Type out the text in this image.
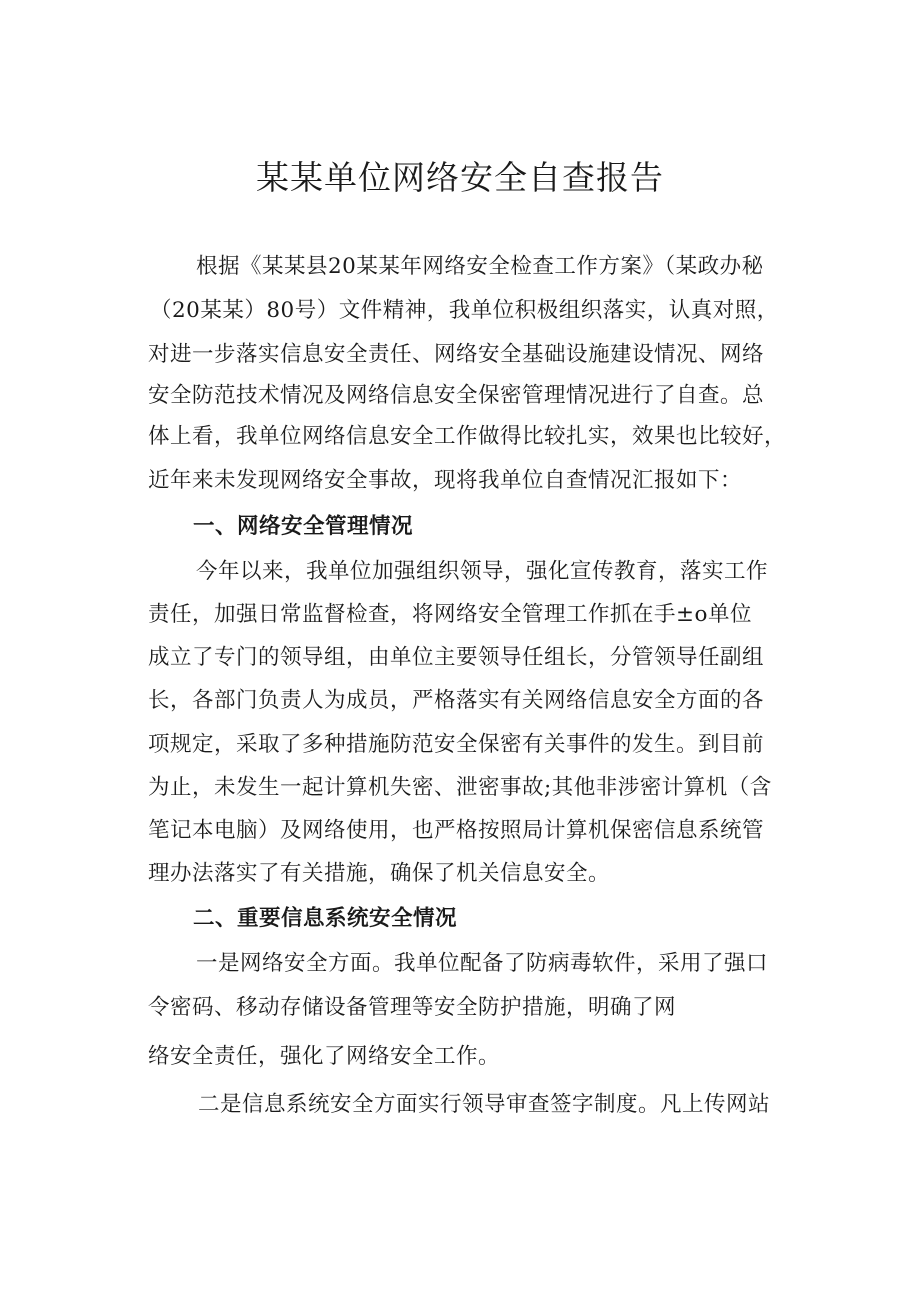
某某单位网络安全自查报告
根据《某某县20某某年网络安全检查工作方案》（某政办秘
（20某某）80号）文件精神，我单位积极组织落实，认真对照，
对进一步落实信息安全责任、网络安全基础设施建设情况、网络
安全防范技术情况及网络信息安全保密管理情况进行了自查。总
体上看，我单位网络信息安全工作做得比较扎实，效果也比较好，
近年来未发现网络安全事故，现将我单位自查情况汇报如下：
一、网络安全管理情况
今年以来，我单位加强组织领导，强化宣传教育，落实工作
责任，加强日常监督检查，将网络安全管理工作抓在手±o单位
成立了专门的领导组，由单位主要领导任组长，分管领导任副组
长，各部门负责人为成员，严格落实有关网络信息安全方面的各
项规定，采取了多种措施防范安全保密有关事件的发生。到目前
为止，未发生一起计算机失密、泄密事故;其他非涉密计算机（含
笔记本电脑）及网络使用，也严格按照局计算机保密信息系统管
理办法落实了有关措施，确保了机关信息安全。
二、重要信息系统安全情况
一是网络安全方面。我单位配备了防病毒软件，采用了强口
令密码、移动存储设备管理等安全防护措施，明确了网
络安全责任，强化了网络安全工作。
二是信息系统安全方面实行领导审查签字制度。凡上传网站
